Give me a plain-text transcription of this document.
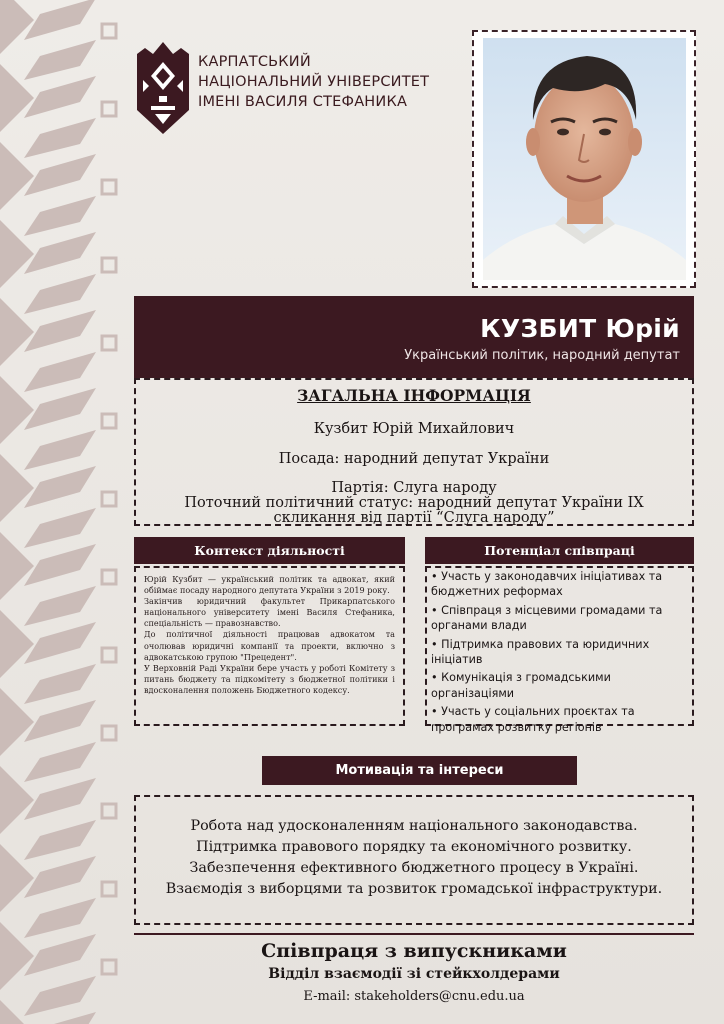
КАРПАТСЬКИЙ
НАЦІОНАЛЬНИЙ УНІВЕРСИТЕТ
ІМЕНІ ВАСИЛЯ СТЕФАНИКА
КУЗБИТ Юрій
Український політик, народний депутат
ЗАГАЛЬНА ІНФОРМАЦІЯ
Кузбит Юрій Михайлович
Посада: народний депутат України
Партія: Слуга народу
Поточний політичний статус: народний депутат України IX скликання від партії “Слуга народу”
Контекст діяльності

Юрій Кузбит — український політик та адвокат, який обіймає посаду народного депутата України з 2019 року.

Закінчив юридичний факультет Прикарпатського національного університету імені Василя Стефаника, спеціальність — правознавство.

До політичної діяльності працював адвокатом та очолював юридичні компанії та проекти, включно з адвокатською групою "Прецедент".

У Верховній Раді України бере участь у роботі Комітету з питань бюджету та підкомітету з бюджетної політики і вдосконалення положень Бюджетного кодексу.

Потенціал співпраці
• Участь у законодавчих ініціативах та бюджетних реформах
• Співпраця з місцевими громадами та органами влади
• Підтримка правових та юридичних ініціатив
• Комунікація з громадськими організаціями
• Участь у соціальних проєктах та програмах розвитку регіонів
Мотивація та інтереси
Робота над удосконаленням національного законодавства.
Підтримка правового порядку та економічного розвитку.
Забезпечення ефективного бюджетного процесу в Україні.
Взаємодія з виборцями та розвиток громадської інфраструктури.
Співпраця з випускниками
Відділ взаємодії зі стейкхолдерами
E-mail: stakeholders@cnu.edu.ua
